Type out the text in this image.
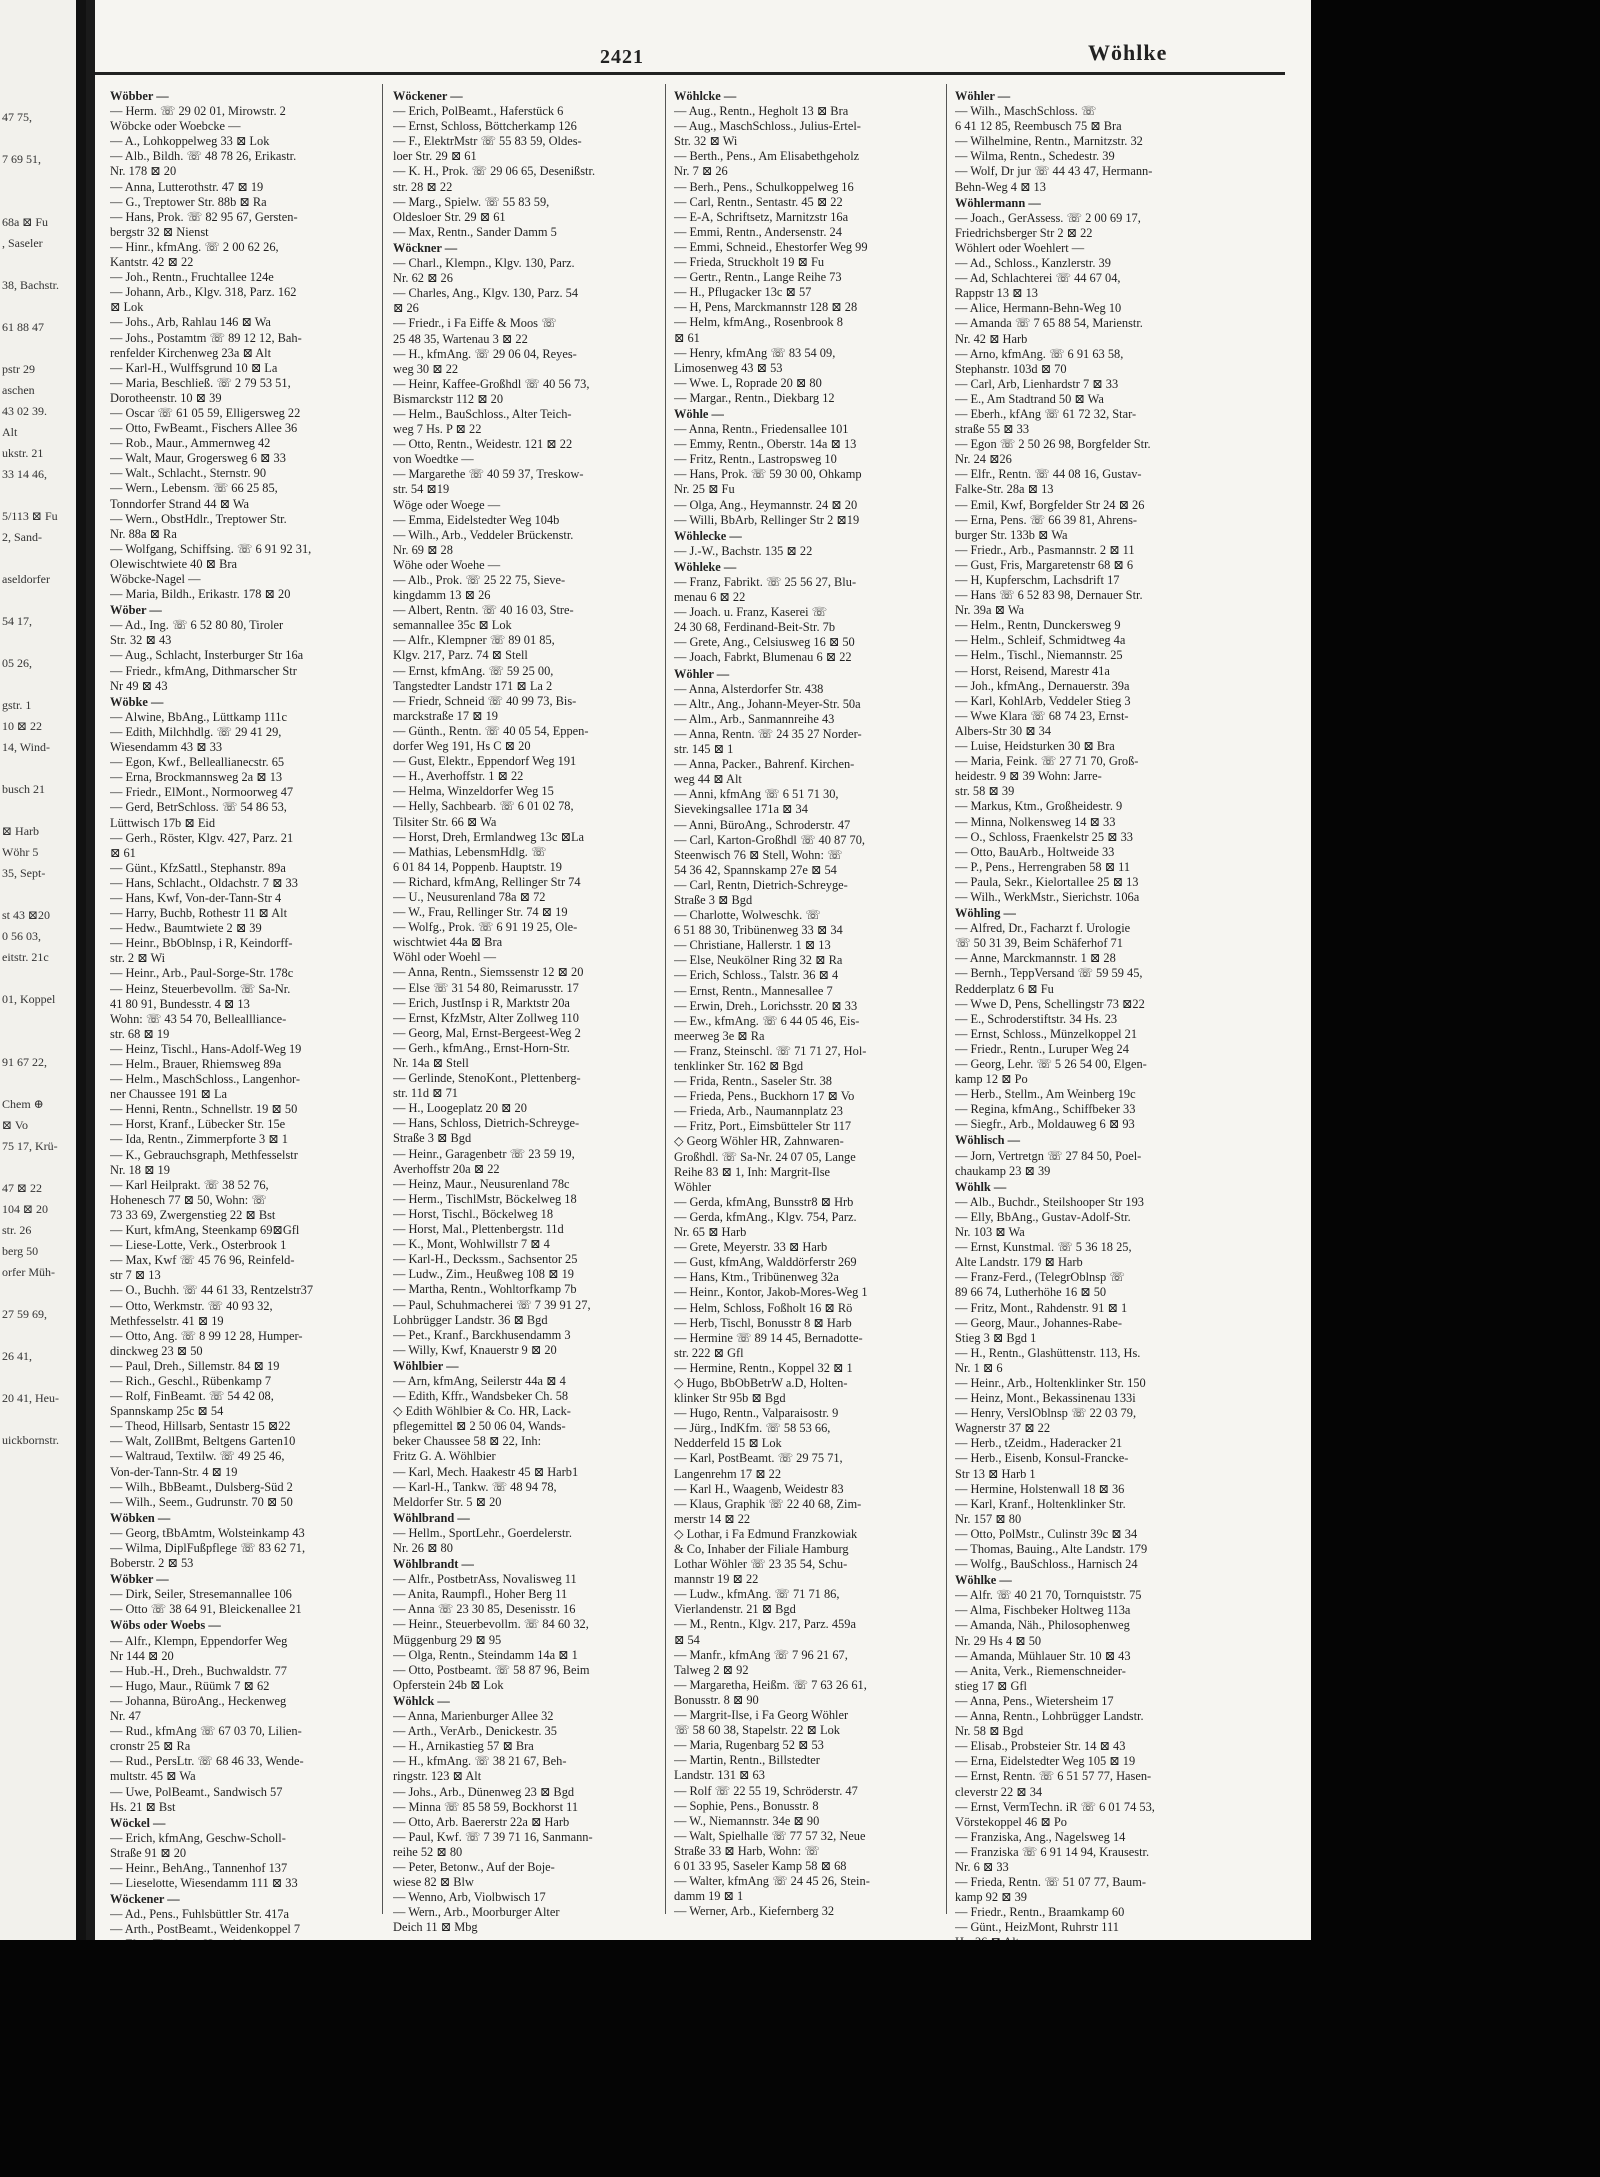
47 75,
7 69 51,
68a ⊠ Fu
, Saseler
38, Bachstr.
61 88 47
pstr 29
aschen
43 02 39.
Alt
ukstr. 21
33 14 46,
5/113 ⊠ Fu
2, Sand-
aseldorfer
54 17,
05 26,
gstr. 1
10 ⊠ 22
14, Wind-
busch 21
⊠ Harb
Wöhr 5
35, Sept-
st 43 ⊠20
0 56 03,
eitstr. 21c
01, Koppel
91 67 22,
Chem ⊕
⊠ Vo
75 17, Krü-
47 ⊠ 22
104 ⊠ 20
str. 26
berg 50
orfer Müh-
27 59 69,
26 41,
20 41, Heu-
uickbornstr.
2421	Wöhlke
Wöbber —
— Herm. ☏ 29 02 01, Mirowstr. 2
Wöbcke oder Woebcke —
— A., Lohkoppelweg 33 ⊠ Lok
— Alb., Bildh. ☏ 48 78 26, Erikastr.
Nr. 178 ⊠ 20
— Anna, Lutterothstr. 47 ⊠ 19
— G., Treptower Str. 88b ⊠ Ra
— Hans, Prok. ☏ 82 95 67, Gersten-
bergstr 32 ⊠ Nienst
— Hinr., kfmAng. ☏ 2 00 62 26,
Kantstr. 42 ⊠ 22
— Joh., Rentn., Fruchtallee 124e
— Johann, Arb., Klgv. 318, Parz. 162
⊠ Lok
— Johs., Arb, Rahlau 146 ⊠ Wa
— Johs., Postamtm ☏ 89 12 12, Bah-
renfelder Kirchenweg 23a ⊠ Alt
— Karl-H., Wulffsgrund 10 ⊠ La
— Maria, Beschließ. ☏ 2 79 53 51,
Dorotheenstr. 10 ⊠ 39
— Oscar ☏ 61 05 59, Elligersweg 22
— Otto, FwBeamt., Fischers Allee 36
— Rob., Maur., Ammernweg 42
— Walt, Maur, Grogersweg 6 ⊠ 33
— Walt., Schlacht., Sternstr. 90
— Wern., Lebensm. ☏ 66 25 85,
Tonndorfer Strand 44 ⊠ Wa
— Wern., ObstHdlr., Treptower Str.
Nr. 88a ⊠ Ra
— Wolfgang, Schiffsing. ☏ 6 91 92 31,
Olewischtwiete 40 ⊠ Bra
Wöbcke-Nagel —
— Maria, Bildh., Erikastr. 178 ⊠ 20
Wöber —
— Ad., Ing. ☏ 6 52 80 80, Tiroler
Str. 32 ⊠ 43
— Aug., Schlacht, Insterburger Str 16a
— Friedr., kfmAng, Dithmarscher Str
Nr 49 ⊠ 43
Wöbke —
— Alwine, BbAng., Lüttkamp 111c
— Edith, Milchhdlg. ☏ 29 41 29,
Wiesendamm 43 ⊠ 33
— Egon, Kwf., Belleallianecstr. 65
— Erna, Brockmannsweg 2a ⊠ 13
— Friedr., ElMont., Normoorweg 47
— Gerd, BetrSchloss. ☏ 54 86 53,
Lüttwisch 17b ⊠ Eid
— Gerh., Röster, Klgv. 427, Parz. 21
⊠ 61
— Günt., KfzSattl., Stephanstr. 89a
— Hans, Schlacht., Oldachstr. 7 ⊠ 33
— Hans, Kwf, Von-der-Tann-Str 4
— Harry, Buchb, Rothestr 11 ⊠ Alt
— Hedw., Baumtwiete 2 ⊠ 39
— Heinr., BbOblnsp, i R, Keindorff-
str. 2 ⊠ Wi
— Heinr., Arb., Paul-Sorge-Str. 178c
— Heinz, Steuerbevollm. ☏ Sa-Nr.
41 80 91, Bundesstr. 4 ⊠ 13
Wohn: ☏ 43 54 70, Belleallliance-
str. 68 ⊠ 19
— Heinz, Tischl., Hans-Adolf-Weg 19
— Helm., Brauer, Rhiemsweg 89a
— Helm., MaschSchloss., Langenhor-
ner Chaussee 191 ⊠ La
— Henni, Rentn., Schnellstr. 19 ⊠ 50
— Horst, Kranf., Lübecker Str. 15e
— Ida, Rentn., Zimmerpforte 3 ⊠ 1
— K., Gebrauchsgraph, Methfesselstr
Nr. 18 ⊠ 19
— Karl Heilprakt. ☏ 38 52 76,
Hohenesch 77 ⊠ 50, Wohn: ☏
73 33 69, Zwergenstieg 22 ⊠ Bst
— Kurt, kfmAng, Steenkamp 69⊠Gfl
— Liese-Lotte, Verk., Osterbrook 1
— Max, Kwf ☏ 45 76 96, Reinfeld-
str 7 ⊠ 13
— O., Buchh. ☏ 44 61 33, Rentzelstr37
— Otto, Werkmstr. ☏ 40 93 32,
Methfesselstr. 41 ⊠ 19
— Otto, Ang. ☏ 8 99 12 28, Humper-
dinckweg 23 ⊠ 50
— Paul, Dreh., Sillemstr. 84 ⊠ 19
— Rich., Geschl., Rübenkamp 7
— Rolf, FinBeamt. ☏ 54 42 08,
Spannskamp 25c ⊠ 54
— Theod, Hillsarb, Sentastr 15 ⊠22
— Walt, ZollBmt, Beltgens Garten10
— Waltraud, Textilw. ☏ 49 25 46,
Von-der-Tann-Str. 4 ⊠ 19
— Wilh., BbBeamt., Dulsberg-Süd 2
— Wilh., Seem., Gudrunstr. 70 ⊠ 50
Wöbken —
— Georg, tBbAmtm, Wolsteinkamp 43
— Wilma, DiplFußpflege ☏ 83 62 71,
Boberstr. 2 ⊠ 53
Wöbker —
— Dirk, Seiler, Stresemannallee 106
— Otto ☏ 38 64 91, Bleickenallee 21
Wöbs oder Woebs —
— Alfr., Klempn, Eppendorfer Weg
Nr 144 ⊠ 20
— Hub.-H., Dreh., Buchwaldstr. 77
— Hugo, Maur., Rüümk 7 ⊠ 62
— Johanna, BüroAng., Heckenweg
Nr. 47
— Rud., kfmAng ☏ 67 03 70, Lilien-
cronstr 25 ⊠ Ra
— Rud., PersLtr. ☏ 68 46 33, Wende-
multstr. 45 ⊠ Wa
— Uwe, PolBeamt., Sandwisch 57
Hs. 21 ⊠ Bst
Wöckel —
— Erich, kfmAng, Geschw-Scholl-
Straße 91 ⊠ 20
— Heinr., BehAng., Tannenhof 137
— Lieselotte, Wiesendamm 111 ⊠ 33
Wöckener —
— Ad., Pens., Fuhlsbüttler Str. 417a
— Arth., PostBeamt., Weidenkoppel 7
Wöckener —
— Erich, PolBeamt., Haferstück 6
— Ernst, Schloss, Böttcherkamp 126
— F., ElektrMstr ☏ 55 83 59, Oldes-
loer Str. 29 ⊠ 61
— K. H., Prok. ☏ 29 06 65, Desenißstr.
str. 28 ⊠ 22
— Marg., Spielw. ☏ 55 83 59,
Oldesloer Str. 29 ⊠ 61
— Max, Rentn., Sander Damm 5
Wöckner —
— Charl., Klempn., Klgv. 130, Parz.
Nr. 62 ⊠ 26
— Charles, Ang., Klgv. 130, Parz. 54
⊠ 26
— Friedr., i Fa Eiffe & Moos ☏
25 48 35, Wartenau 3 ⊠ 22
— H., kfmAng. ☏ 29 06 04, Reyes-
weg 30 ⊠ 22
— Heinr, Kaffee-Großhdl ☏ 40 56 73,
Bismarckstr 112 ⊠ 20
— Helm., BauSchloss., Alter Teich-
weg 7 Hs. P ⊠ 22
— Otto, Rentn., Weidestr. 121 ⊠ 22
von Woedtke —
— Margarethe ☏ 40 59 37, Treskow-
str. 54 ⊠19
Wöge oder Woege —
— Emma, Eidelstedter Weg 104b
— Wilh., Arb., Veddeler Brückenstr.
Nr. 69 ⊠ 28
Wöhe oder Woehe —
— Alb., Prok. ☏ 25 22 75, Sieve-
kingdamm 13 ⊠ 26
— Albert, Rentn. ☏ 40 16 03, Stre-
semannallee 35c ⊠ Lok
— Alfr., Klempner ☏ 89 01 85,
Klgv. 217, Parz. 74 ⊠ Stell
— Ernst, kfmAng. ☏ 59 25 00,
Tangstedter Landstr 171 ⊠ La 2
— Friedr, Schneid ☏ 40 99 73, Bis-
marckstraße 17 ⊠ 19
— Günth., Rentn. ☏ 40 05 54, Eppen-
dorfer Weg 191, Hs C ⊠ 20
— Gust, Elektr., Eppendorf Weg 191
— H., Averhoffstr. 1 ⊠ 22
— Helma, Winzeldorfer Weg 15
— Helly, Sachbearb. ☏ 6 01 02 78,
Tilsiter Str. 66 ⊠ Wa
— Horst, Dreh, Ermlandweg 13c ⊠La
— Mathias, LebensmHdlg. ☏
6 01 84 14, Poppenb. Hauptstr. 19
— Richard, kfmAng, Rellinger Str 74
— U., Neusurenland 78a ⊠ 72
— W., Frau, Rellinger Str. 74 ⊠ 19
— Wolfg., Prok. ☏ 6 91 19 25, Ole-
wischtwiet 44a ⊠ Bra
Wöhl oder Woehl —
— Anna, Rentn., Siemssenstr 12 ⊠ 20
— Else ☏ 31 54 80, Reimarusstr. 17
— Erich, JustInsp i R, Marktstr 20a
— Ernst, KfzMstr, Alter Zollweg 110
— Georg, Mal, Ernst-Bergeest-Weg 2
— Gerh., kfmAng., Ernst-Horn-Str.
Nr. 14a ⊠ Stell
— Gerlinde, StenoKont., Plettenberg-
str. 11d ⊠ 71
— H., Loogeplatz 20 ⊠ 20
— Hans, Schloss, Dietrich-Schreyge-
Straße 3 ⊠ Bgd
— Heinr., Garagenbetr ☏ 23 59 19,
Averhoffstr 20a ⊠ 22
— Heinz, Maur., Neusurenland 78c
— Herm., TischlMstr, Böckelweg 18
— Horst, Tischl., Böckelweg 18
— Horst, Mal., Plettenbergstr. 11d
— K., Mont, Wohlwillstr 7 ⊠ 4
— Karl-H., Deckssm., Sachsentor 25
— Ludw., Zim., Heußweg 108 ⊠ 19
— Martha, Rentn., Wohltorfkamp 7b
— Paul, Schuhmacherei ☏ 7 39 91 27,
Lohbrügger Landstr. 36 ⊠ Bgd
— Pet., Kranf., Barckhusendamm 3
— Willy, Kwf, Knauerstr 9 ⊠ 20
Wöhlbier —
— Arn, kfmAng, Seilerstr 44a ⊠ 4
— Edith, Kffr., Wandsbeker Ch. 58
◇ Edith Wöhlbier & Co. HR, Lack-
pflegemittel ⊠ 2 50 06 04, Wands-
beker Chaussee 58 ⊠ 22, Inh:
Fritz G. A. Wöhlbier
— Karl, Mech. Haakestr 45 ⊠ Harb1
— Karl-H., Tankw. ☏ 48 94 78,
Meldorfer Str. 5 ⊠ 20
Wöhlbrand —
— Hellm., SportLehr., Goerdelerstr.
Nr. 26 ⊠ 80
Wöhlbrandt —
— Alfr., PostbetrAss, Novalisweg 11
— Anita, Raumpfl., Hoher Berg 11
— Anna ☏ 23 30 85, Desenisstr. 16
— Heinr., Steuerbevollm. ☏ 84 60 32,
Müggenburg 29 ⊠ 95
— Olga, Rentn., Steindamm 14a ⊠ 1
— Otto, Postbeamt. ☏ 58 87 96, Beim
Opferstein 24b ⊠ Lok
Wöhlck —
— Anna, Marienburger Allee 32
— Arth., VerArb., Denickestr. 35
— H., Arnikastieg 57 ⊠ Bra
— H., kfmAng. ☏ 38 21 67, Beh-
ringstr. 123 ⊠ Alt
— Johs., Arb., Dünenweg 23 ⊠ Bgd
— Minna ☏ 85 58 59, Bockhorst 11
— Otto, Arb. Baererstr 22a ⊠ Harb
— Paul, Kwf. ☏ 7 39 71 16, Sanmann-
reihe 52 ⊠ 80
— Peter, Betonw., Auf der Boje-
wiese 82 ⊠ Blw
— Wenno, Arb, Violbwisch 17
— Wern., Arb., Moorburger Alter
Deich 11 ⊠ Mbg
Wöhlcke —
— Aug., Rentn., Hegholt 13 ⊠ Bra
— Aug., MaschSchloss., Julius-Ertel-
Str. 32 ⊠ Wi
— Berth., Pens., Am Elisabethgeholz
Nr. 7 ⊠ 26
— Berh., Pens., Schulkoppelweg 16
— Carl, Rentn., Sentastr. 45 ⊠ 22
— E-A, Schriftsetz, Marnitzstr 16a
— Emmi, Rentn., Andersenstr. 24
— Emmi, Schneid., Ehestorfer Weg 99
— Frieda, Struckholt 19 ⊠ Fu
— Gertr., Rentn., Lange Reihe 73
— H., Pflugacker 13c ⊠ 57
— H, Pens, Marckmannstr 128 ⊠ 28
— Helm, kfmAng., Rosenbrook 8
⊠ 61
— Henry, kfmAng ☏ 83 54 09,
Limosenweg 43 ⊠ 53
— Wwe. L, Roprade 20 ⊠ 80
— Margar., Rentn., Diekbarg 12
Wöhle —
— Anna, Rentn., Friedensallee 101
— Emmy, Rentn., Oberstr. 14a ⊠ 13
— Fritz, Rentn., Lastropsweg 10
— Hans, Prok. ☏ 59 30 00, Ohkamp
Nr. 25 ⊠ Fu
— Olga, Ang., Heymannstr. 24 ⊠ 20
— Willi, BbArb, Rellinger Str 2 ⊠19
Wöhlecke —
— J.-W., Bachstr. 135 ⊠ 22
Wöhleke —
— Franz, Fabrikt. ☏ 25 56 27, Blu-
menau 6 ⊠ 22
— Joach. u. Franz, Kaserei ☏
24 30 68, Ferdinand-Beit-Str. 7b
— Grete, Ang., Celsiusweg 16 ⊠ 50
— Joach, Fabrkt, Blumenau 6 ⊠ 22
Wöhler —
— Anna, Alsterdorfer Str. 438
— Altr., Ang., Johann-Meyer-Str. 50a
— Alm., Arb., Sanmannreihe 43
— Anna, Rentn. ☏ 24 35 27 Norder-
str. 145 ⊠ 1
— Anna, Packer., Bahrenf. Kirchen-
weg 44 ⊠ Alt
— Anni, kfmAng ☏ 6 51 71 30,
Sievekingsallee 171a ⊠ 34
— Anni, BüroAng., Schroderstr. 47
— Carl, Karton-Großhdl ☏ 40 87 70,
Steenwisch 76 ⊠ Stell, Wohn: ☏
54 36 42, Spannskamp 27e ⊠ 54
— Carl, Rentn, Dietrich-Schreyge-
Straße 3 ⊠ Bgd
— Charlotte, Wolweschk. ☏
6 51 88 30, Tribünenweg 33 ⊠ 34
— Christiane, Hallerstr. 1 ⊠ 13
— Else, Neukölner Ring 32 ⊠ Ra
— Erich, Schloss., Talstr. 36 ⊠ 4
— Ernst, Rentn., Mannesallee 7
— Erwin, Dreh., Lorichsstr. 20 ⊠ 33
— Ew., kfmAng. ☏ 6 44 05 46, Eis-
meerweg 3e ⊠ Ra
— Franz, Steinschl. ☏ 71 71 27, Hol-
tenklinker Str. 162 ⊠ Bgd
— Frida, Rentn., Saseler Str. 38
— Frieda, Pens., Buckhorn 17 ⊠ Vo
— Frieda, Arb., Naumannplatz 23
— Fritz, Port., Eimsbütteler Str 117
◇ Georg Wöhler HR, Zahnwaren-
Großhdl. ☏ Sa-Nr. 24 07 05, Lange
Reihe 83 ⊠ 1, Inh: Margrit-Ilse
Wöhler
— Gerda, kfmAng, Bunsstr8 ⊠ Hrb
— Gerda, kfmAng., Klgv. 754, Parz.
Nr. 65 ⊠ Harb
— Grete, Meyerstr. 33 ⊠ Harb
— Gust, kfmAng, Walddörferstr 269
— Hans, Ktm., Tribünenweg 32a
— Heinr., Kontor, Jakob-Mores-Weg 1
— Helm, Schloss, Foßholt 16 ⊠ Rö
— Herb, Tischl, Bonusstr 8 ⊠ Harb
— Hermine ☏ 89 14 45, Bernadotte-
str. 222 ⊠ Gfl
— Hermine, Rentn., Koppel 32 ⊠ 1
◇ Hugo, BbObBetrW a.D, Holten-
klinker Str 95b ⊠ Bgd
— Hugo, Rentn., Valparaisostr. 9
— Jürg., IndKfm. ☏ 58 53 66,
Nedderfeld 15 ⊠ Lok
— Karl, PostBeamt. ☏ 29 75 71,
Langenrehm 17 ⊠ 22
— Karl H., Waagenb, Weidestr 83
— Klaus, Graphik ☏ 22 40 68, Zim-
merstr 14 ⊠ 22
◇ Lothar, i Fa Edmund Franzkowiak
& Co, Inhaber der Filiale Hamburg
Lothar Wöhler ☏ 23 35 54, Schu-
mannstr 19 ⊠ 22
— Ludw., kfmAng. ☏ 71 71 86,
Vierlandenstr. 21 ⊠ Bgd
— M., Rentn., Klgv. 217, Parz. 459a
⊠ 54
— Manfr., kfmAng ☏ 7 96 21 67,
Talweg 2 ⊠ 92
— Margaretha, Heißm. ☏ 7 63 26 61,
Bonusstr. 8 ⊠ 90
— Margrit-Ilse, i Fa Georg Wöhler
☏ 58 60 38, Stapelstr. 22 ⊠ Lok
— Maria, Rugenbarg 52 ⊠ 53
— Martin, Rentn., Billstedter
Landstr. 131 ⊠ 63
— Rolf ☏ 22 55 19, Schröderstr. 47
— Sophie, Pens., Bonusstr. 8
— W., Niemannstr. 34e ⊠ 90
— Walt, Spielhalle ☏ 77 57 32, Neue
Straße 33 ⊠ Harb, Wohn: ☏
6 01 33 95, Saseler Kamp 58 ⊠ 68
— Walter, kfmAng ☏ 24 45 26, Stein-
damm 19 ⊠ 1
— Werner, Arb., Kiefernberg 32
Wöhler —
— Wilh., MaschSchloss. ☏
6 41 12 85, Reembusch 75 ⊠ Bra
— Wilhelmine, Rentn., Marnitzstr. 32
— Wilma, Rentn., Schedestr. 39
— Wolf, Dr jur ☏ 44 43 47, Hermann-
Behn-Weg 4 ⊠ 13
Wöhlermann —
— Joach., GerAssess. ☏ 2 00 69 17,
Friedrichsberger Str 2 ⊠ 22
Wöhlert oder Woehlert —
— Ad., Schloss., Kanzlerstr. 39
— Ad, Schlachterei ☏ 44 67 04,
Rappstr 13 ⊠ 13
— Alice, Hermann-Behn-Weg 10
— Amanda ☏ 7 65 88 54, Marienstr.
Nr. 42 ⊠ Harb
— Arno, kfmAng. ☏ 6 91 63 58,
Stephanstr. 103d ⊠ 70
— Carl, Arb, Lienhardstr 7 ⊠ 33
— E., Am Stadtrand 50 ⊠ Wa
— Eberh., kfAng ☏ 61 72 32, Star-
straße 55 ⊠ 33
— Egon ☏ 2 50 26 98, Borgfelder Str.
Nr. 24 ⊠26
— Elfr., Rentn. ☏ 44 08 16, Gustav-
Falke-Str. 28a ⊠ 13
— Emil, Kwf, Borgfelder Str 24 ⊠ 26
— Erna, Pens. ☏ 66 39 81, Ahrens-
burger Str. 133b ⊠ Wa
— Friedr., Arb., Pasmannstr. 2 ⊠ 11
— Gust, Fris, Margaretenstr 68 ⊠ 6
— H, Kupferschm, Lachsdrift 17
— Hans ☏ 6 52 83 98, Dernauer Str.
Nr. 39a ⊠ Wa
— Helm., Rentn, Dunckersweg 9
— Helm., Schleif, Schmidtweg 4a
— Helm., Tischl., Niemannstr. 25
— Horst, Reisend, Marestr 41a
— Joh., kfmAng., Dernauerstr. 39a
— Karl, KohlArb, Veddeler Stieg 3
— Wwe Klara ☏ 68 74 23, Ernst-
Albers-Str 30 ⊠ 34
— Luise, Heidsturken 30 ⊠ Bra
— Maria, Feink. ☏ 27 71 70, Groß-
heidestr. 9 ⊠ 39 Wohn: Jarre-
str. 58 ⊠ 39
— Markus, Ktm., Großheidestr. 9
— Minna, Nolkensweg 14 ⊠ 33
— O., Schloss, Fraenkelstr 25 ⊠ 33
— Otto, BauArb., Holtweide 33
— P., Pens., Herrengraben 58 ⊠ 11
— Paula, Sekr., Kielortallee 25 ⊠ 13
— Wilh., WerkMstr., Sierichstr. 106a
Wöhling —
— Alfred, Dr., Facharzt f. Urologie
☏ 50 31 39, Beim Schäferhof 71
— Anne, Marckmannstr. 1 ⊠ 28
— Bernh., TeppVersand ☏ 59 59 45,
Redderplatz 6 ⊠ Fu
— Wwe D, Pens, Schellingstr 73 ⊠22
— E., Schroderstiftstr. 34 Hs. 23
— Ernst, Schloss., Münzelkoppel 21
— Friedr., Rentn., Luruper Weg 24
— Georg, Lehr. ☏ 5 26 54 00, Elgen-
kamp 12 ⊠ Po
— Herb., Stellm., Am Weinberg 19c
— Regina, kfmAng., Schiffbeker 33
— Siegfr., Arb., Moldauweg 6 ⊠ 93
Wöhlisch —
— Jorn, Vertretgn ☏ 27 84 50, Poel-
chaukamp 23 ⊠ 39
Wöhlk —
— Alb., Buchdr., Steilshooper Str 193
— Elly, BbAng., Gustav-Adolf-Str.
Nr. 103 ⊠ Wa
— Ernst, Kunstmal. ☏ 5 36 18 25,
Alte Landstr. 179 ⊠ Harb
— Franz-Ferd., (TelegrOblnsp ☏
89 66 74, Lutherhöhe 16 ⊠ 50
— Fritz, Mont., Rahdenstr. 91 ⊠ 1
— Georg, Maur., Johannes-Rabe-
Stieg 3 ⊠ Bgd 1
— H., Rentn., Glashüttenstr. 113, Hs.
Nr. 1 ⊠ 6
— Heinr., Arb., Holtenklinker Str. 150
— Heinz, Mont., Bekassinenau 133i
— Henry, VerslOblnsp ☏ 22 03 79,
Wagnerstr 37 ⊠ 22
— Herb., tZeidm., Haderacker 21
— Herb., Eisenb, Konsul-Francke-
Str 13 ⊠ Harb 1
— Hermine, Holstenwall 18 ⊠ 36
— Karl, Kranf., Holtenklinker Str.
Nr. 157 ⊠ 80
— Otto, PolMstr., Culinstr 39c ⊠ 34
— Thomas, Bauing., Alte Landstr. 179
— Wolfg., BauSchloss., Harnisch 24
Wöhlke —
— Alfr. ☏ 40 21 70, Tornquiststr. 75
— Alma, Fischbeker Holtweg 113a
— Amanda, Näh., Philosophenweg
Nr. 29 Hs 4 ⊠ 50
— Amanda, Mühlauer Str. 10 ⊠ 43
— Anita, Verk., Riemenschneider-
stieg 17 ⊠ Gfl
— Anna, Pens., Wietersheim 17
— Anna, Rentn., Lohbrügger Landstr.
Nr. 58 ⊠ Bgd
— Elisab., Probsteier Str. 14 ⊠ 43
— Erna, Eidelstedter Weg 105 ⊠ 19
— Ernst, Rentn. ☏ 6 51 57 77, Hasen-
cleverstr 22 ⊠ 34
— Ernst, VermTechn. iR ☏ 6 01 74 53,
Vörstekoppel 46 ⊠ Po
— Franziska, Ang., Nagelsweg 14
— Franziska ☏ 6 91 14 94, Krausestr.
Nr. 6 ⊠ 33
— Frieda, Rentn. ☏ 51 07 77, Baum-
kamp 92 ⊠ 39
— Friedr., Rentn., Braamkamp 60
— Günt., HeizMont, Ruhrstr 111
